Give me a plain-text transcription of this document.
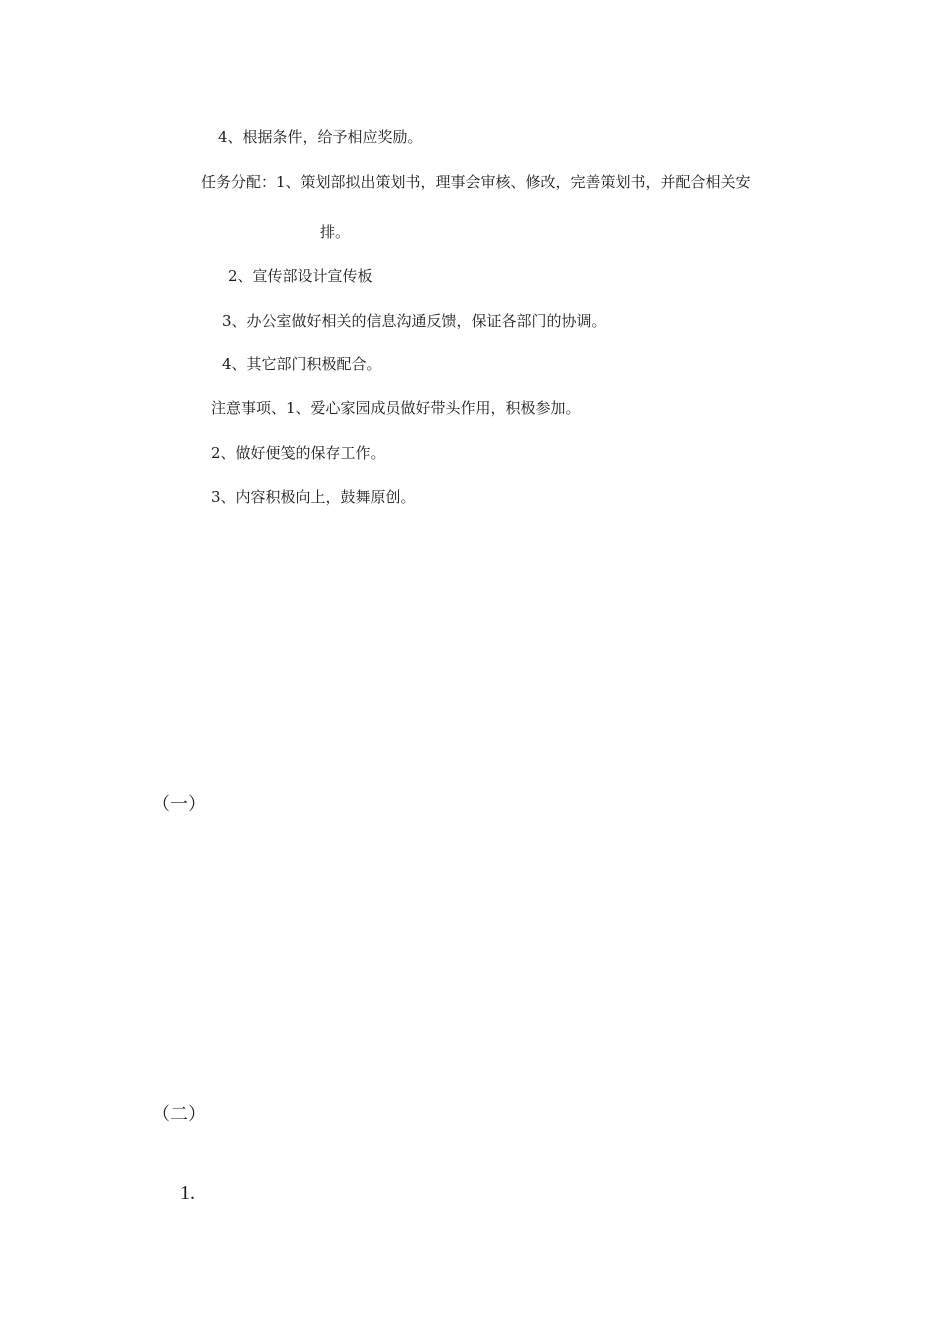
4、根据条件，给予相应奖励。
任务分配：1、策划部拟出策划书，理事会审核、修改，完善策划书，并配合相关安
排。
2、宣传部设计宣传板
3、办公室做好相关的信息沟通反馈，保证各部门的协调。
4、其它部门积极配合。
注意事项、1、爱心家园成员做好带头作用，积极参加。
2、做好便笺的保存工作。
3、内容积极向上，鼓舞原创。
（一）
（二）
1.
